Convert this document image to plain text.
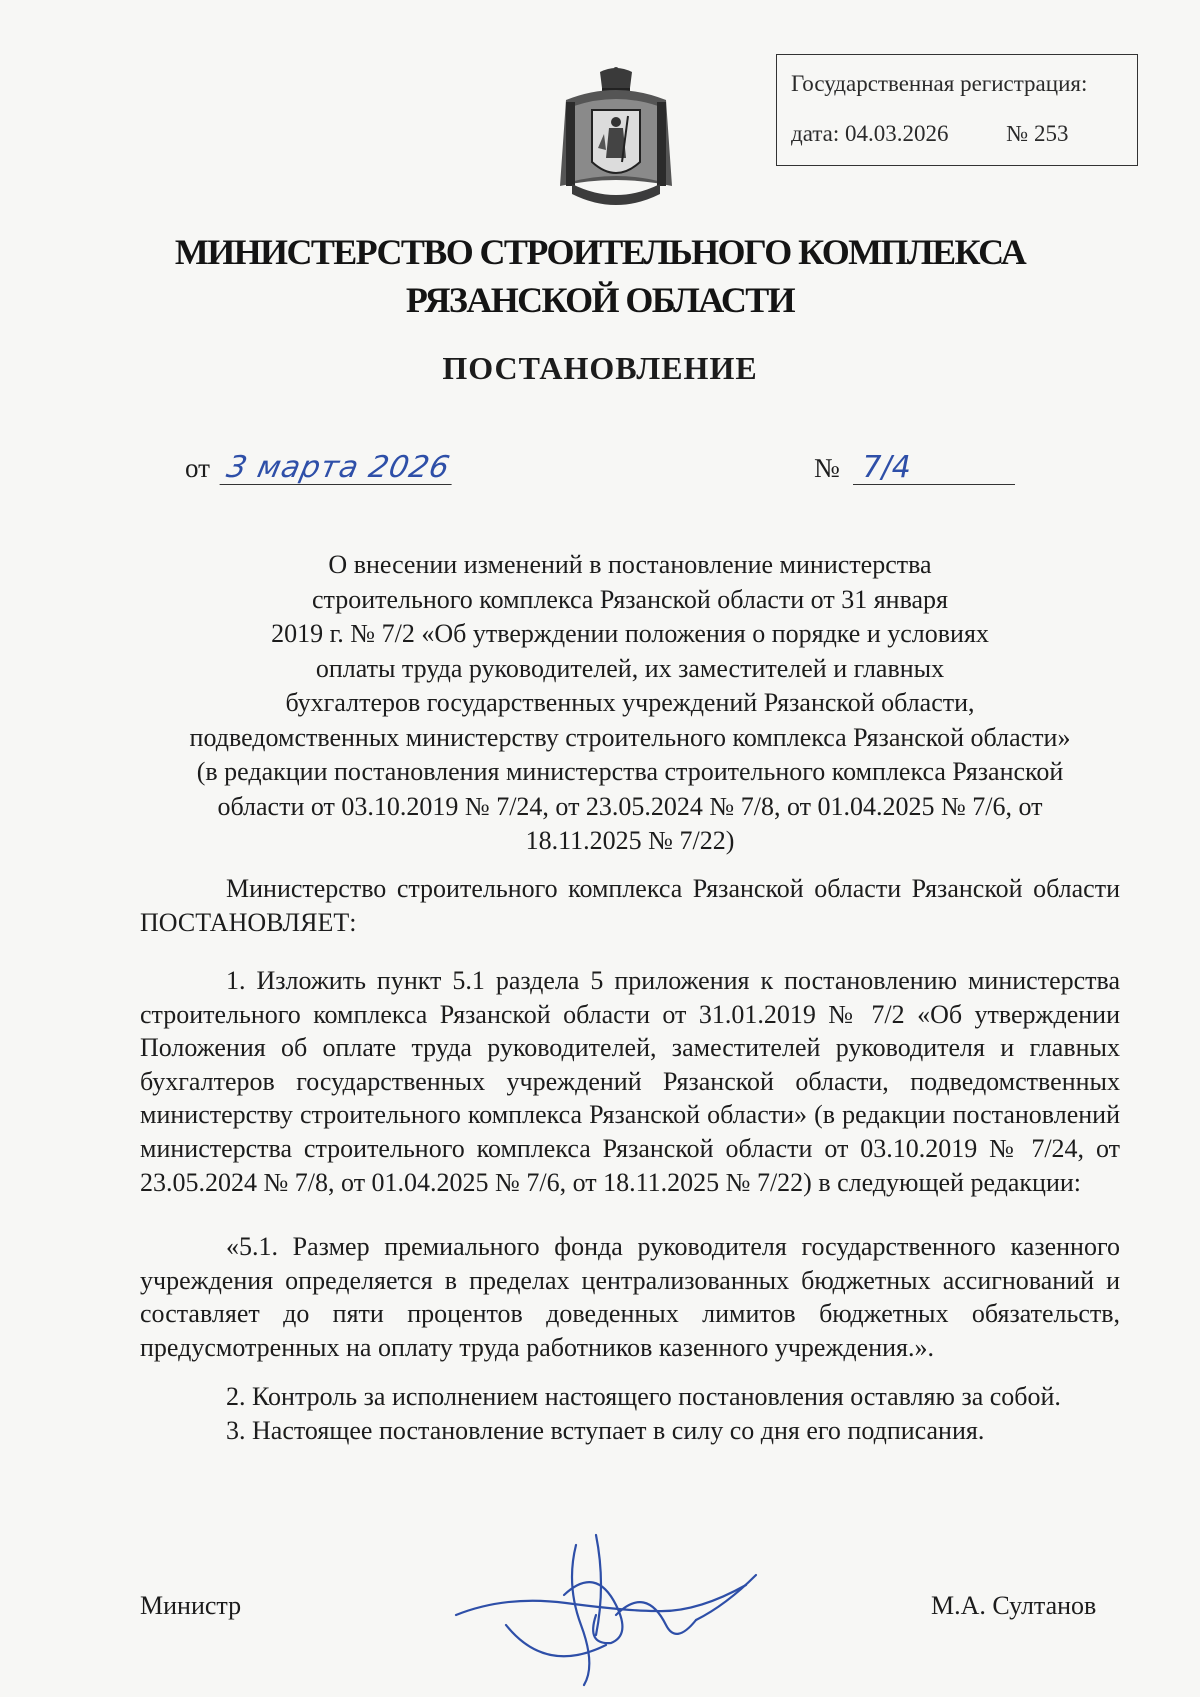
Государственная регистрация:
дата: 04.03.2026	№ 253
МИНИСТЕРСТВО СТРОИТЕЛЬНОГО КОМПЛЕКСА
РЯЗАНСКОЙ ОБЛАСТИ
ПОСТАНОВЛЕНИЕ
от 3 марта 2026	№ 7/4

О внесении изменений в постановление министерства

строительного комплекса Рязанской области от 31 января

2019 г. № 7/2 «Об утверждении положения о порядке и условиях

оплаты труда руководителей, их заместителей и главных

бухгалтеров государственных учреждений Рязанской области,

подведомственных министерству строительного комплекса Рязанской области»

(в редакции постановления министерства строительного комплекса Рязанской

области от 03.10.2019 № 7/24, от 23.05.2024 № 7/8, от 01.04.2025 № 7/6, от

18.11.2025 № 7/22)

Министерство строительного комплекса Рязанской области Рязанской области ПОСТАНОВЛЯЕТ:

1. Изложить пункт 5.1 раздела 5 приложения к постановлению министерства строительного комплекса Рязанской области от 31.01.2019 № 7/2 «Об утверждении Положения об оплате труда руководителей, заместителей руководителя и главных бухгалтеров государственных учреждений Рязанской области, подведомственных министерству строительного комплекса Рязанской области» (в редакции постановлений министерства строительного комплекса Рязанской области от 03.10.2019 № 7/24, от 23.05.2024 № 7/8, от 01.04.2025 № 7/6, от 18.11.2025 № 7/22) в следующей редакции:

«5.1. Размер премиального фонда руководителя государственного казенного учреждения определяется в пределах централизованных бюджетных ассигнований и составляет до пяти процентов доведенных лимитов бюджетных обязательств, предусмотренных на оплату труда работников казенного учреждения.».

2. Контроль за исполнением настоящего постановления оставляю за собой.

3. Настоящее постановление вступает в силу со дня его подписания.

Министр	М.А. Султанов
